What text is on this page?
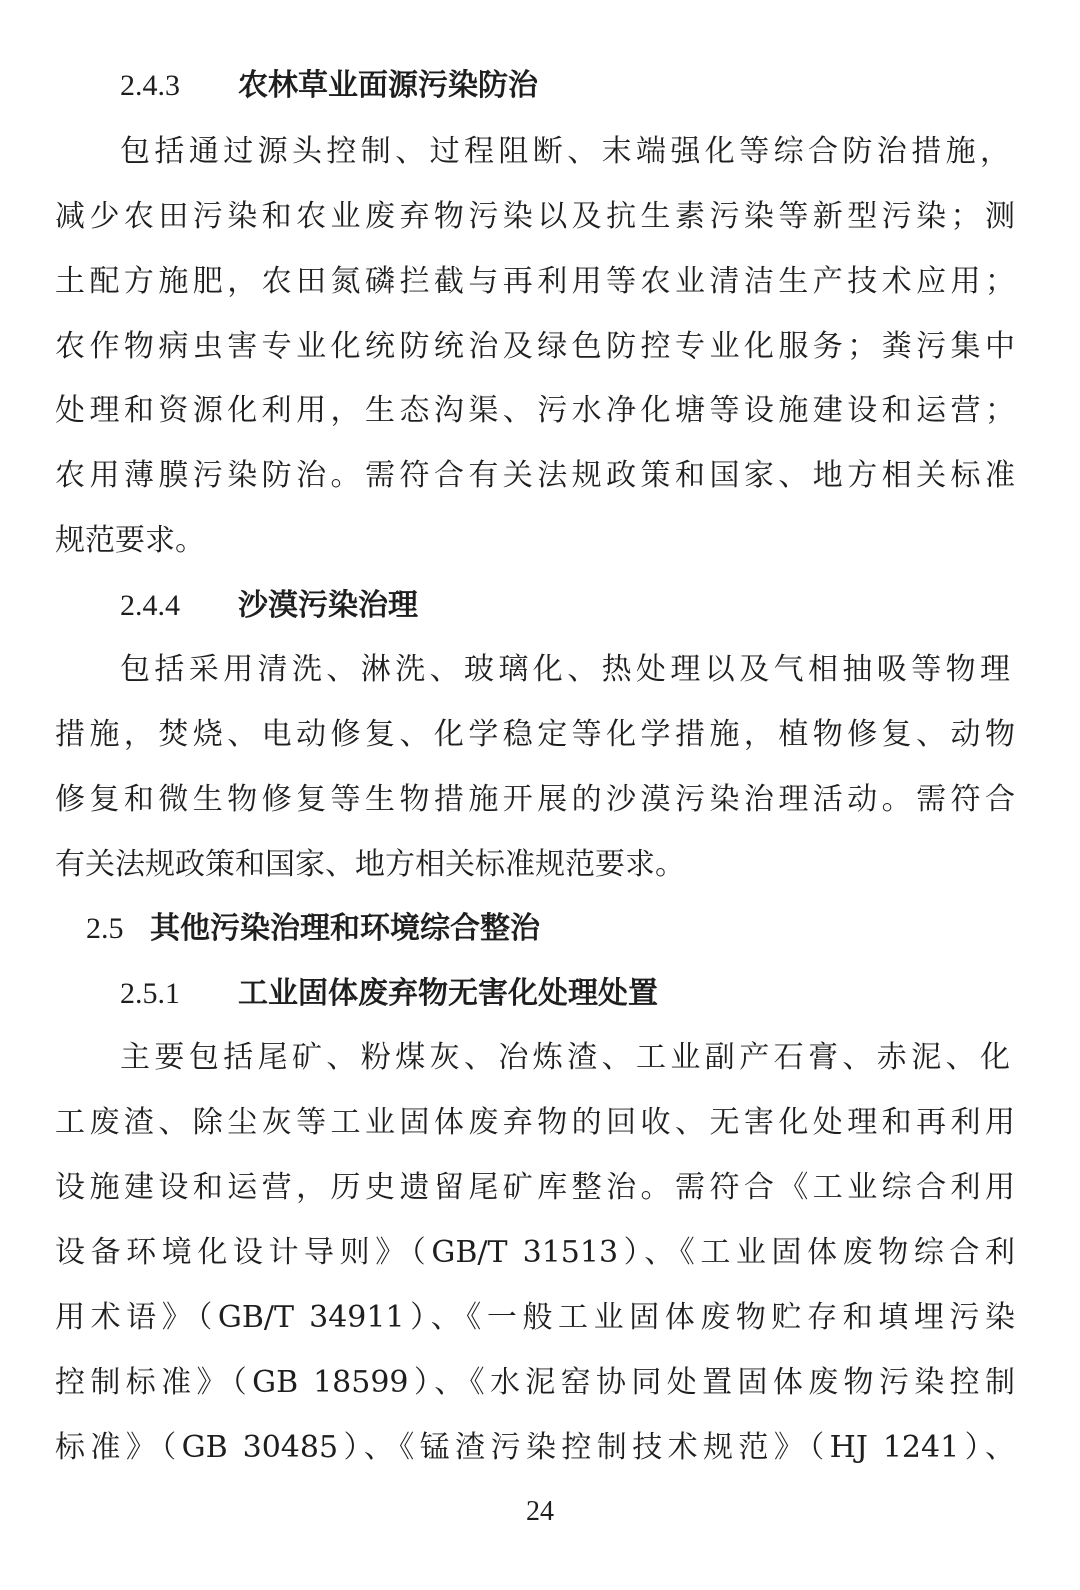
2.4.3 农林草业面源污染防治
包括通过源头控制、过程阻断、末端强化等综合防治措施，
减少农田污染和农业废弃物污染以及抗生素污染等新型污染；测
土配方施肥，农田氮磷拦截与再利用等农业清洁生产技术应用；
农作物病虫害专业化统防统治及绿色防控专业化服务；粪污集中
处理和资源化利用，生态沟渠、污水净化塘等设施建设和运营；
农用薄膜污染防治。需符合有关法规政策和国家、地方相关标准
规范要求。
2.4.4 沙漠污染治理
包括采用清洗、淋洗、玻璃化、热处理以及气相抽吸等物理
措施，焚烧、电动修复、化学稳定等化学措施，植物修复、动物
修复和微生物修复等生物措施开展的沙漠污染治理活动。需符合
有关法规政策和国家、地方相关标准规范要求。
2.5 其他污染治理和环境综合整治
2.5.1 工业固体废弃物无害化处理处置
主要包括尾矿、粉煤灰、冶炼渣、工业副产石膏、赤泥、化
工废渣、除尘灰等工业固体废弃物的回收、无害化处理和再利用
设施建设和运营，历史遗留尾矿库整治。需符合《工业综合利用
设备环境化设计导则》（GB/T 31513）、《工业固体废物综合利
用术语》（GB/T 34911）、《一般工业固体废物贮存和填埋污染
控制标准》（GB 18599）、《水泥窑协同处置固体废物污染控制
标准》（GB 30485）、《锰渣污染控制技术规范》（HJ 1241）、
24
